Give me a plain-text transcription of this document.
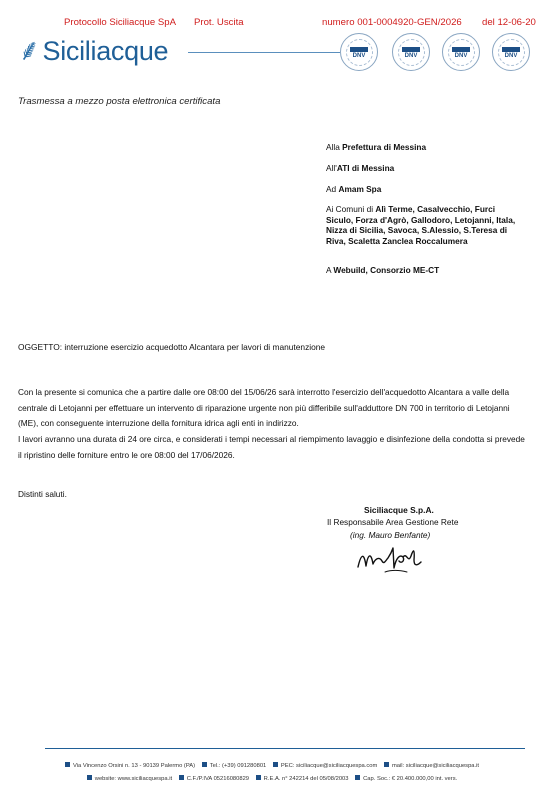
Protocollo Siciliacque SpA Prot. Uscita	numero 001-0004920-GEN/2026 del 12-06-20
⸙ Siciliacque	DNV	DNV	DNV	DNV
Trasmessa a mezzo posta elettronica certificata

Alla Prefettura di Messina

All'ATI di Messina

Ad Amam Spa

Ai Comuni di Alì Terme, Casalvecchio, Furci Siculo, Forza d'Agrò, Gallodoro, Letojanni, Itala, Nizza di Sicilia, Savoca, S.Alessio, S.Teresa di Riva, Scaletta Zanclea Roccalumera

A Webuild, Consorzio ME-CT

OGGETTO: interruzione esercizio acquedotto Alcantara per lavori di manutenzione
Con la presente si comunica che a partire dalle ore 08:00 del 15/06/26 sarà interrotto l'esercizio dell'acquedotto Alcantara a valle della centrale di Letojanni per effettuare un intervento di riparazione urgente non più differibile sull'adduttore DN 700 in territorio di Letojanni (ME), con conseguente interruzione della fornitura idrica agli enti in indirizzo.
I lavori avranno una durata di 24 ore circa, e considerati i tempi necessari al riempimento lavaggio e disinfezione della condotta si prevede il ripristino delle forniture entro le ore 08:00 del 17/06/2026.
Distinti saluti.
Siciliacque S.p.A.
Il Responsabile Area Gestione Rete
(ing. Mauro Benfante)
Via Vincenzo Orsini n. 13 - 90139 Palermo (PA)	Tel.: (+39) 091280801	PEC: siciliacque@siciliacquespa.com	mail: siciliacque@siciliacquespa.it
website: www.siciliacquespa.it	C.F./P.IVA 05216080829	R.E.A. n° 242214 del 05/08/2003	Cap. Soc.: € 20.400.000,00 int. vers.
